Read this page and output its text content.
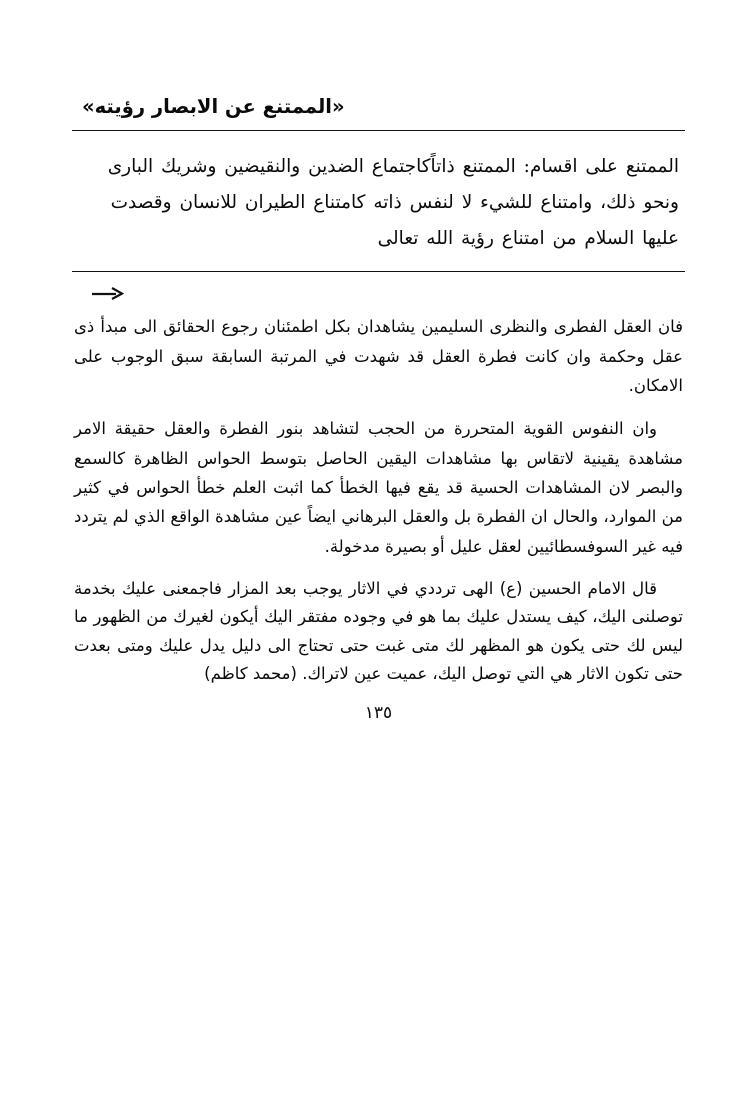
«الممتنع عن الابصار رؤيته»
الممتنع على اقسام: الممتنع ذاتاًكاجتماع الضدين والنقيضين وشريك البارى ونحو ذلك، وامتناع للشيء لا لنفس ذاته كامتناع الطيران للانسان وقصدت عليها السلام من امتناع رؤية الله تعالى

فان العقل الفطرى والنظرى السليمين يشاهدان بكل اطمئنان رجوع الحقائق الى مبدأ ذى عقل وحكمة وان كانت فطرة العقل قد شهدت في المرتبة السابقة سبق الوجوب على الامكان.

وان النفوس القوية المتحررة من الحجب لتشاهد بنور الفطرة والعقل حقيقة الامر مشاهدة يقينية لاتقاس بها مشاهدات اليقين الحاصل بتوسط الحواس الظاهرة كالسمع والبصر لان المشاهدات الحسية قد يقع فيها الخطأ كما اثبت العلم خطأ الحواس في كثير من الموارد، والحال ان الفطرة بل والعقل البرهاني ايضاً عين مشاهدة الواقع الذي لم يتردد فيه غير السوفسطائيين لعقل عليل أو بصيرة مدخولة.

قال الامام الحسين (ع) الهى ترددي في الاثار يوجب بعد المزار فاجمعنى عليك بخدمة توصلنى اليك، كيف يستدل عليك بما هو في وجوده مفتقر اليك أيكون لغيرك من الظهور ما ليس لك حتى يكون هو المظهر لك متى غبت حتى تحتاج الى دليل يدل عليك ومتى بعدت حتى تكون الاثار هي التي توصل اليك، عميت عين لاتراك. (محمد كاظم)

١٣٥
